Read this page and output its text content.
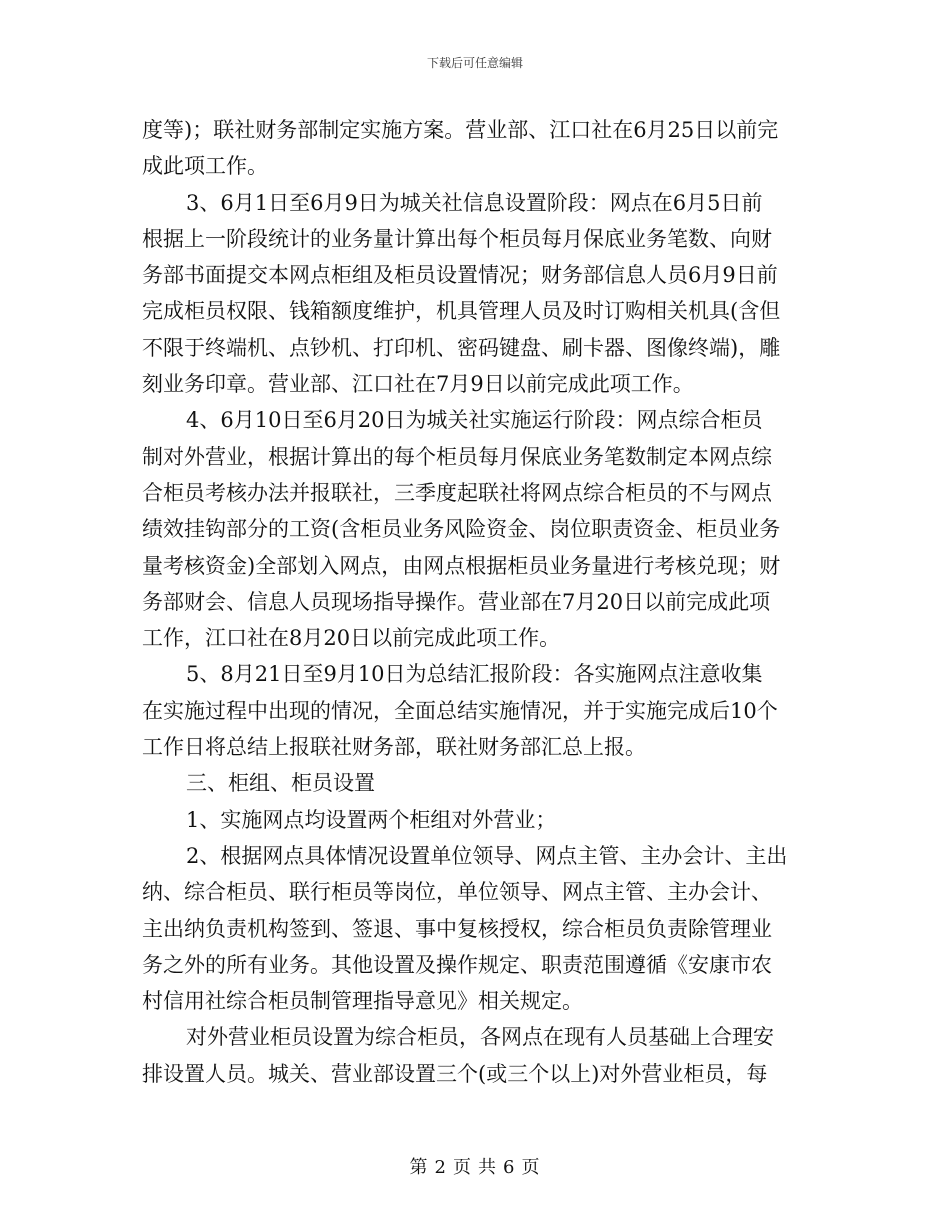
下载后可任意编辑
度等)；联社财务部制定实施方案。营业部、江口社在6月25日以前完
成此项工作。
3、6月1日至6月9日为城关社信息设置阶段：网点在6月5日前
根据上一阶段统计的业务量计算出每个柜员每月保底业务笔数、向财
务部书面提交本网点柜组及柜员设置情况；财务部信息人员6月9日前
完成柜员权限、钱箱额度维护，机具管理人员及时订购相关机具(含但
不限于终端机、点钞机、打印机、密码键盘、刷卡器、图像终端)，雕
刻业务印章。营业部、江口社在7月9日以前完成此项工作。
4、6月10日至6月20日为城关社实施运行阶段：网点综合柜员
制对外营业，根据计算出的每个柜员每月保底业务笔数制定本网点综
合柜员考核办法并报联社，三季度起联社将网点综合柜员的不与网点
绩效挂钩部分的工资(含柜员业务风险资金、岗位职责资金、柜员业务
量考核资金)全部划入网点，由网点根据柜员业务量进行考核兑现；财
务部财会、信息人员现场指导操作。营业部在7月20日以前完成此项
工作，江口社在8月20日以前完成此项工作。
5、8月21日至9月10日为总结汇报阶段：各实施网点注意收集
在实施过程中出现的情况，全面总结实施情况，并于实施完成后10个
工作日将总结上报联社财务部，联社财务部汇总上报。
三、柜组、柜员设置
1、实施网点均设置两个柜组对外营业；
2、根据网点具体情况设置单位领导、网点主管、主办会计、主出
纳、综合柜员、联行柜员等岗位，单位领导、网点主管、主办会计、
主出纳负责机构签到、签退、事中复核授权，综合柜员负责除管理业
务之外的所有业务。其他设置及操作规定、职责范围遵循《安康市农
村信用社综合柜员制管理指导意见》相关规定。
对外营业柜员设置为综合柜员，各网点在现有人员基础上合理安
排设置人员。城关、营业部设置三个(或三个以上)对外营业柜员，每
第 2 页 共 6 页
